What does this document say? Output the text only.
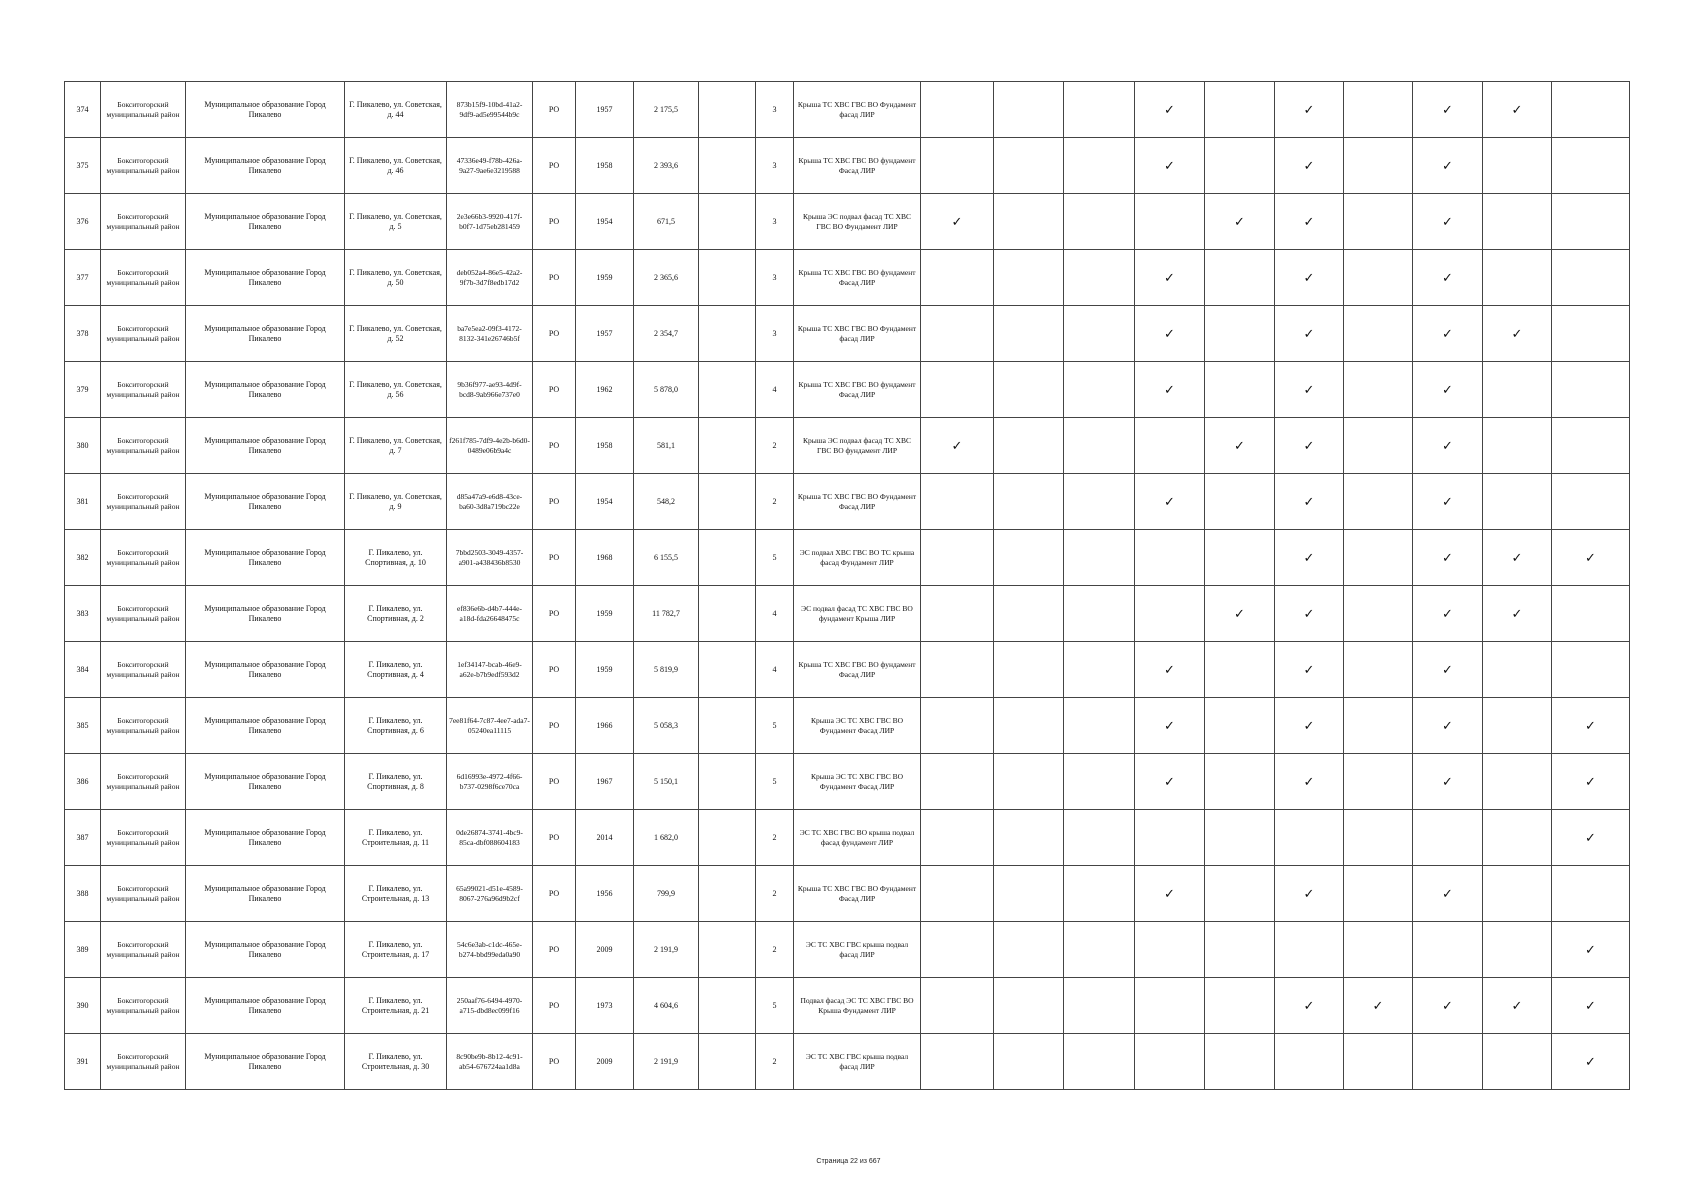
374	Бокситогорский муниципальный район	Муниципальное образование Город Пикалево	Г. Пикалево, ул. Советская, д. 44	873b15f9-10bd-41a2-9df9-ad5e99544b9c	РО	1957	2 175,5		3	Крыша ТС ХВС ГВС ВО Фундамент фасад ЛИР				✓		✓		✓	✓	
375	Бокситогорский муниципальный район	Муниципальное образование Город Пикалево	Г. Пикалево, ул. Советская, д. 46	47336e49-f78b-426a-9a27-9ae6e3219588	РО	1958	2 393,6		3	Крыша ТС ХВС ГВС ВО фундамент Фасад ЛИР				✓		✓		✓		
376	Бокситогорский муниципальный район	Муниципальное образование Город Пикалево	Г. Пикалево, ул. Советская, д. 5	2e3e66b3-9920-417f-b0f7-1d75eb281459	РО	1954	671,5		3	Крыша ЭС подвал фасад ТС ХВС ГВС ВО Фундамент ЛИР	✓				✓	✓		✓		
377	Бокситогорский муниципальный район	Муниципальное образование Город Пикалево	Г. Пикалево, ул. Советская, д. 50	deb052a4-86e5-42a2-9f7b-3d7f8edb17d2	РО	1959	2 365,6		3	Крыша ТС ХВС ГВС ВО фундамент Фасад ЛИР				✓		✓		✓		
378	Бокситогорский муниципальный район	Муниципальное образование Город Пикалево	Г. Пикалево, ул. Советская, д. 52	ba7e5ea2-09f3-4172-8132-341e26746b5f	РО	1957	2 354,7		3	Крыша ТС ХВС ГВС ВО Фундамент фасад ЛИР				✓		✓		✓	✓	
379	Бокситогорский муниципальный район	Муниципальное образование Город Пикалево	Г. Пикалево, ул. Советская, д. 56	9b36f977-ae93-4d9f-bcd8-9ab966e737e0	РО	1962	5 878,0		4	Крыша ТС ХВС ГВС ВО фундамент Фасад ЛИР				✓		✓		✓		
380	Бокситогорский муниципальный район	Муниципальное образование Город Пикалево	Г. Пикалево, ул. Советская, д. 7	f261f785-7df9-4e2b-b6d0-0489e06b9a4c	РО	1958	581,1		2	Крыша ЭС подвал фасад ТС ХВС ГВС ВО фундамент ЛИР	✓				✓	✓		✓		
381	Бокситогорский муниципальный район	Муниципальное образование Город Пикалево	Г. Пикалево, ул. Советская, д. 9	d85a47a9-e6d8-43ce-ba60-3d8a719bc22e	РО	1954	548,2		2	Крыша ТС ХВС ГВС ВО Фундамент Фасад ЛИР				✓		✓		✓		
382	Бокситогорский муниципальный район	Муниципальное образование Город Пикалево	Г. Пикалево, ул. Спортивная, д. 10	7bbd2503-3049-4357-a901-a438436b8530	РО	1968	6 155,5		5	ЭС подвал ХВС ГВС ВО ТС крыша фасад Фундамент ЛИР						✓		✓	✓	✓
383	Бокситогорский муниципальный район	Муниципальное образование Город Пикалево	Г. Пикалево, ул. Спортивная, д. 2	ef836e6b-d4b7-444e-a18d-fda26648475c	РО	1959	11 782,7		4	ЭС подвал фасад ТС ХВС ГВС ВО фундамент Крыша ЛИР					✓	✓		✓	✓	
384	Бокситогорский муниципальный район	Муниципальное образование Город Пикалево	Г. Пикалево, ул. Спортивная, д. 4	1ef34147-bcab-46e9-a62e-b7b9edf593d2	РО	1959	5 819,9		4	Крыша ТС ХВС ГВС ВО фундамент Фасад ЛИР				✓		✓		✓		
385	Бокситогорский муниципальный район	Муниципальное образование Город Пикалево	Г. Пикалево, ул. Спортивная, д. 6	7ee81f64-7c87-4ee7-ada7-05240ea11115	РО	1966	5 058,3		5	Крыша ЭС ТС ХВС ГВС ВО Фундамент Фасад ЛИР				✓		✓		✓		✓
386	Бокситогорский муниципальный район	Муниципальное образование Город Пикалево	Г. Пикалево, ул. Спортивная, д. 8	6d16993e-4972-4f66-b737-0298f6ce70ca	РО	1967	5 150,1		5	Крыша ЭС ТС ХВС ГВС ВО Фундамент Фасад ЛИР				✓		✓		✓		✓
387	Бокситогорский муниципальный район	Муниципальное образование Город Пикалево	Г. Пикалево, ул. Строительная, д. 11	0de26874-3741-4bc9-85ca-dbf088604183	РО	2014	1 682,0		2	ЭС ТС ХВС ГВС ВО крыша подвал фасад фундамент ЛИР										✓
388	Бокситогорский муниципальный район	Муниципальное образование Город Пикалево	Г. Пикалево, ул. Строительная, д. 13	65a99021-d51e-4589-8067-276a96d9b2cf	РО	1956	799,9		2	Крыша ТС ХВС ГВС ВО Фундамент Фасад ЛИР				✓		✓		✓		
389	Бокситогорский муниципальный район	Муниципальное образование Город Пикалево	Г. Пикалево, ул. Строительная, д. 17	54c6e3ab-c1dc-465e-b274-bbd99eda0a90	РО	2009	2 191,9		2	ЭС ТС ХВС ГВС крыша подвал фасад ЛИР										✓
390	Бокситогорский муниципальный район	Муниципальное образование Город Пикалево	Г. Пикалево, ул. Строительная, д. 21	250aaf76-6494-4970-a715-dbd8ec099f16	РО	1973	4 604,6		5	Подвал фасад ЭС ТС ХВС ГВС ВО Крыша Фундамент ЛИР						✓	✓	✓	✓	✓
391	Бокситогорский муниципальный район	Муниципальное образование Город Пикалево	Г. Пикалево, ул. Строительная, д. 30	8c90be9b-8b12-4c91-ab54-676724aa1d8a	РО	2009	2 191,9		2	ЭС ТС ХВС ГВС крыша подвал фасад ЛИР										✓
Страница 22 из 667
